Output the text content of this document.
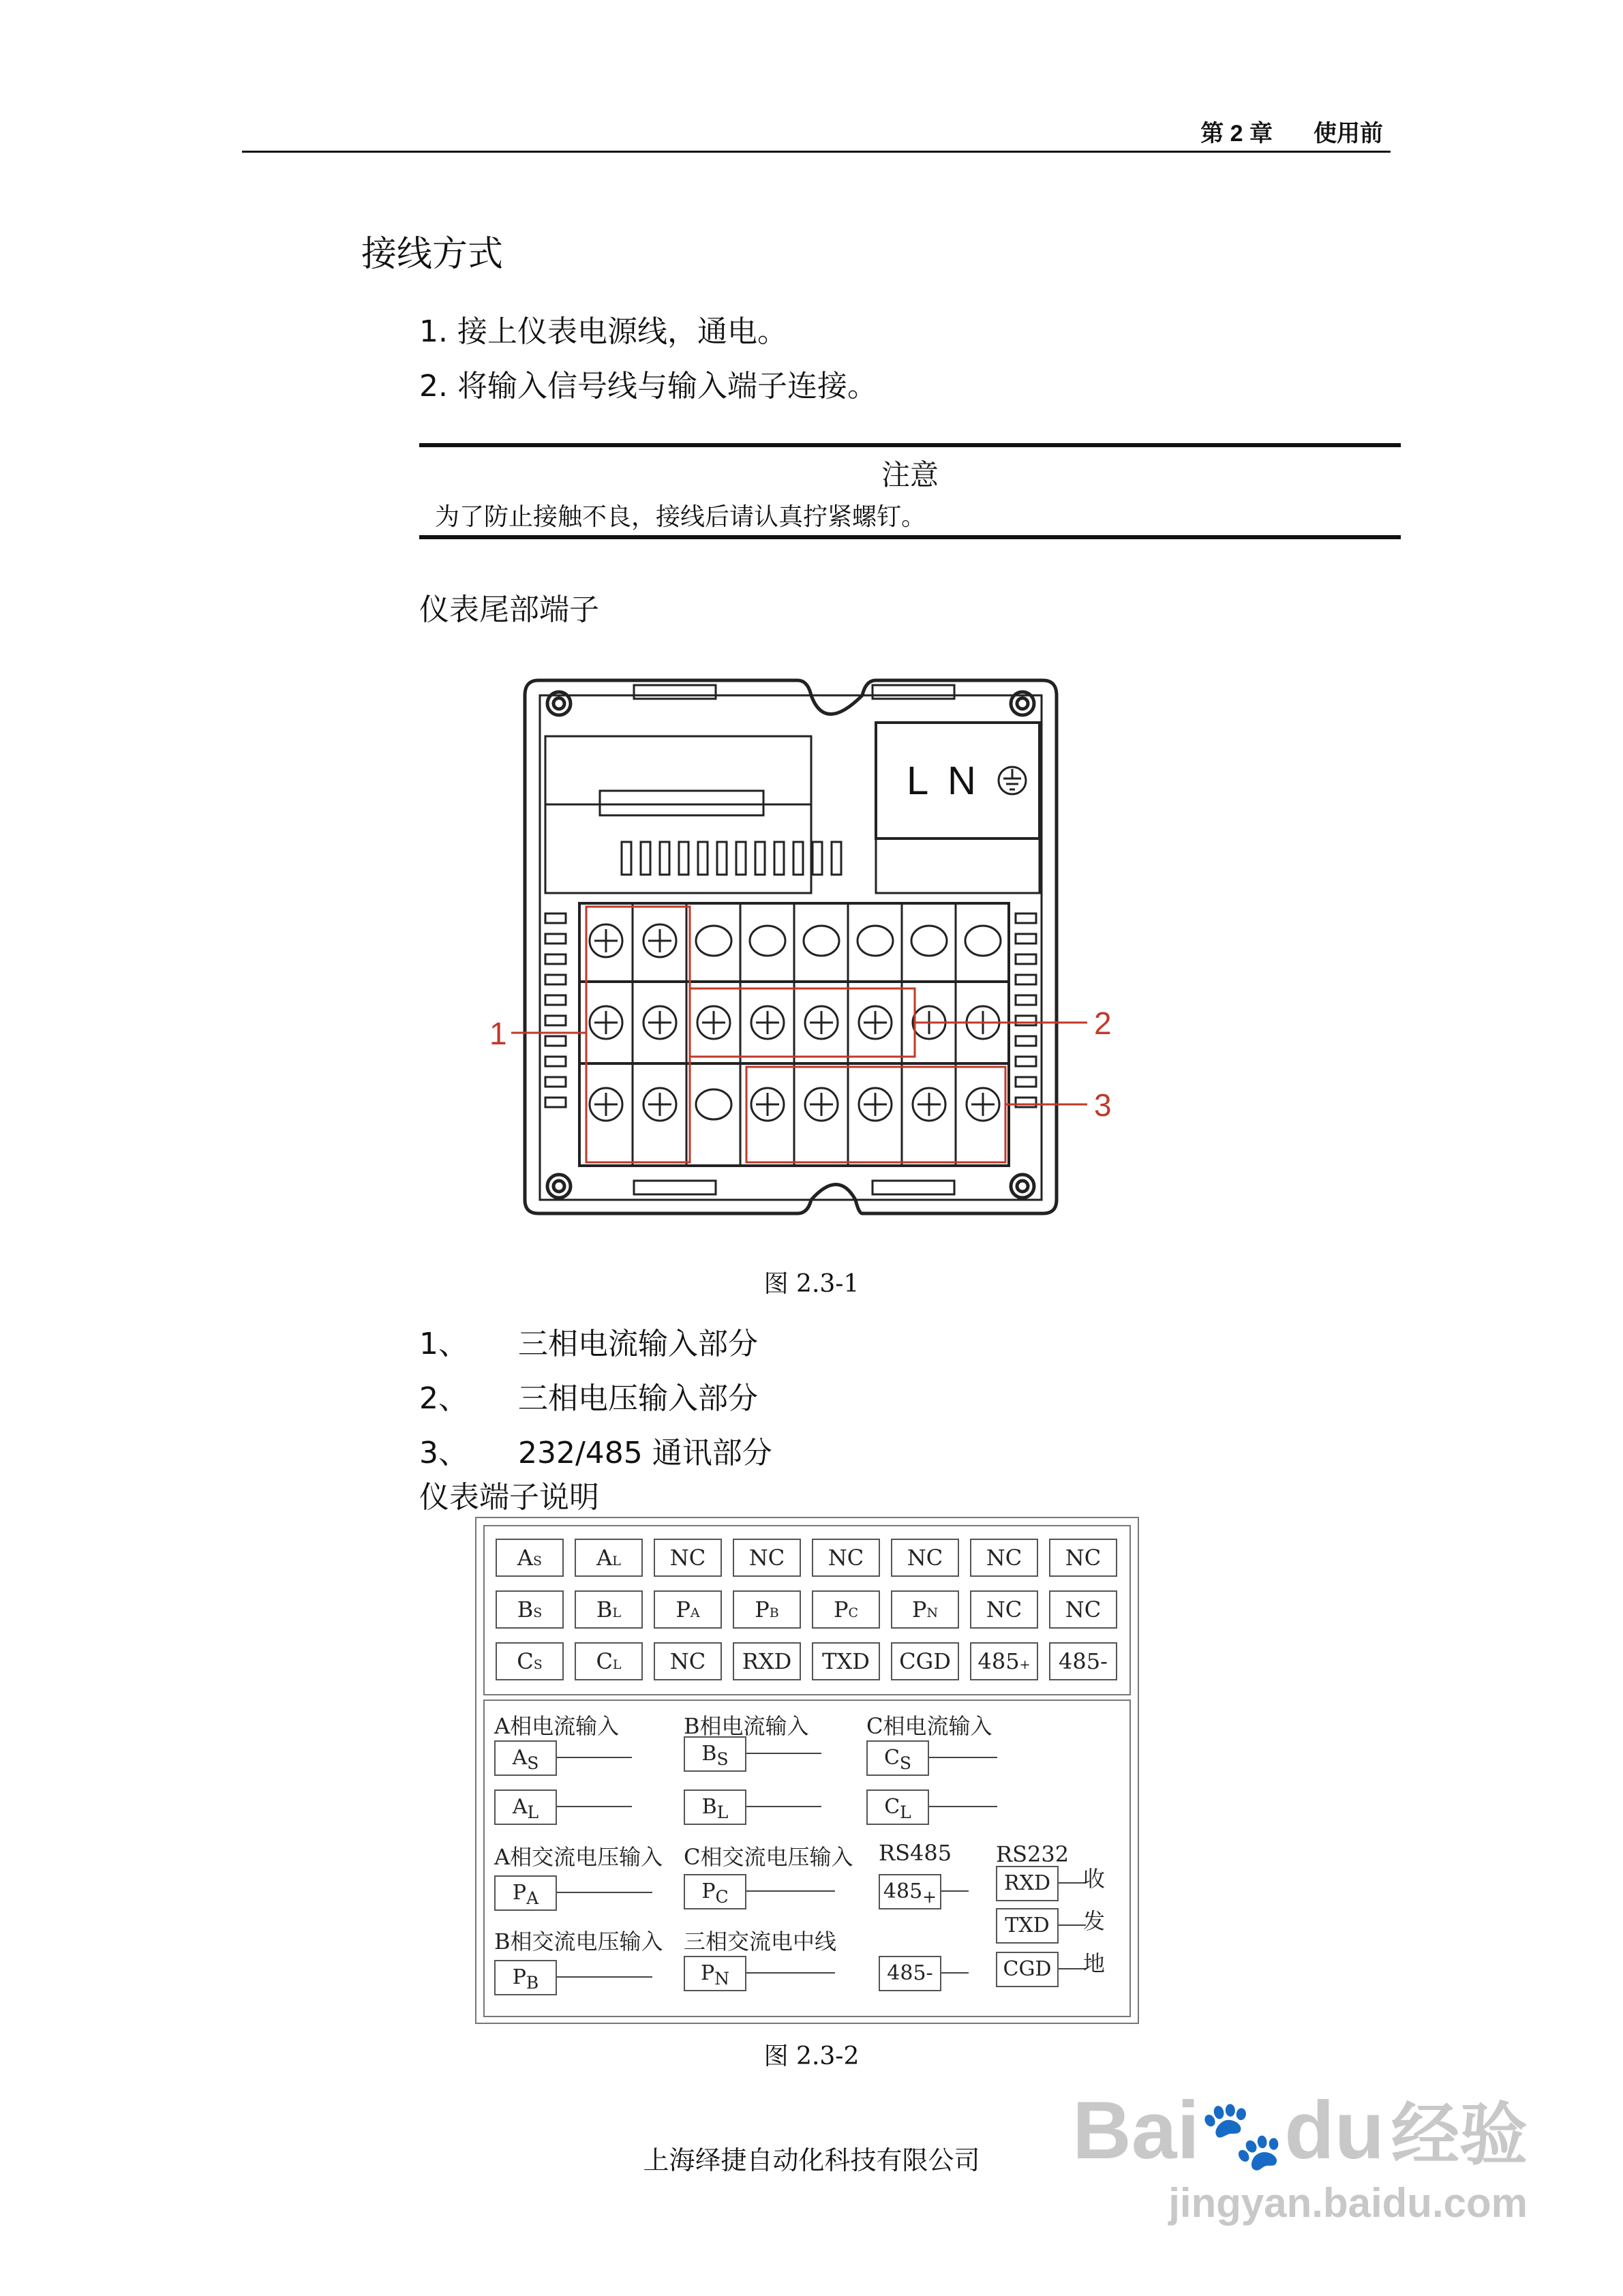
第 2 章 使用前
接线方式
1. 接上仪表电源线，通电。
2. 将输入信号线与输入端子连接。
注意
为了防止接触不良，接线后请认真拧紧螺钉。
仪表尾部端子
L N
1	2
3
图 2.3-1
1、 三相电流输入部分
2、 三相电压输入部分
3、 232/485 通讯部分
仪表端子说明
AS	AL	NC	NC	NC	NC	NC	NC
BS	BL	PA	PB	PC	PN	NC	NC
CS	CL	NC	RXD	TXD	CGD	485+	485-
A相电流输入	B相电流输入	C相电流输入
$A_S$	$B_S$	$C_S$
$A_L$	$B_L$	$C_L$
A相交流电压输入 C相交流电压输入 RS485 RS232
$P_A$	$P_C$	$485_+$
RXD	收
TXD	发
B相交流电压输入 三相交流电中线
$P_B$	$P_N$	485-	CGD	地
图 2.3-2
上海绎捷自动化科技有限公司	Bai🐾du 经验
jingyan.baidu.com
